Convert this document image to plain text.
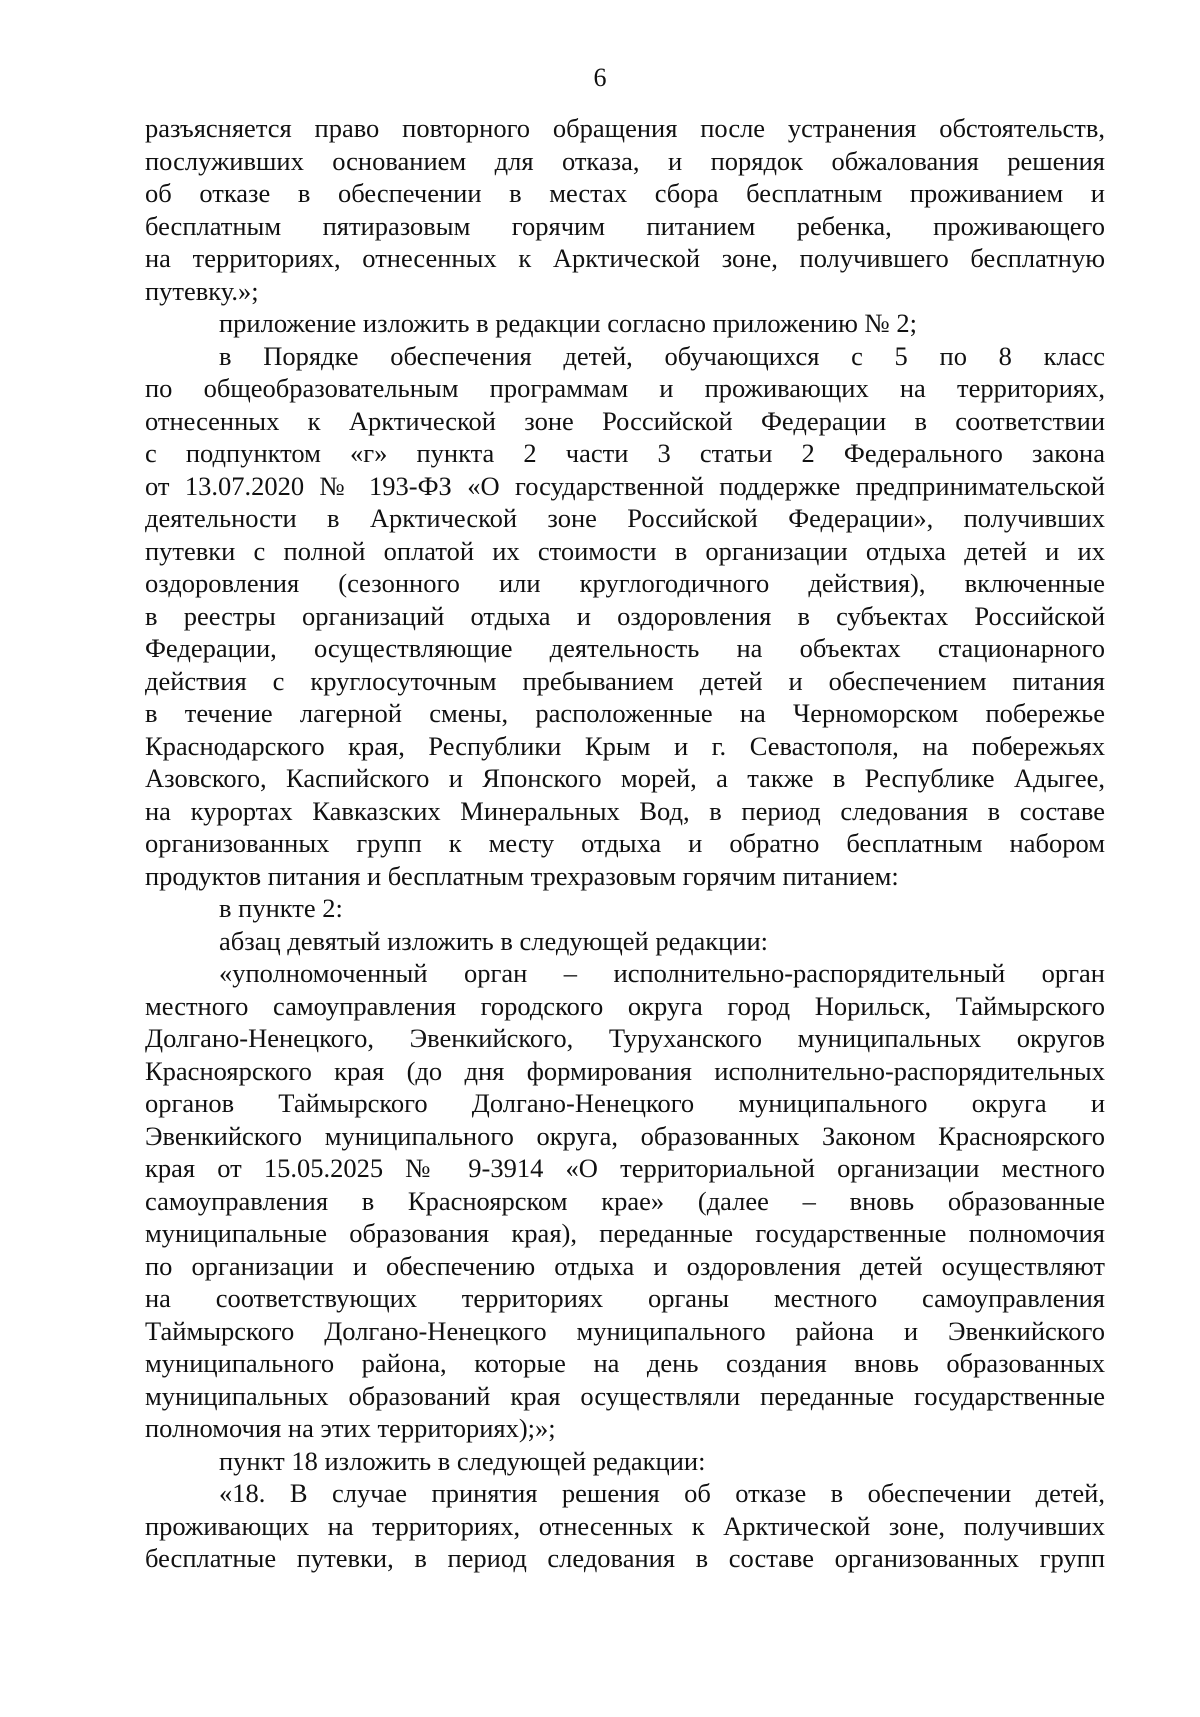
6

разъясняется право повторного обращения после устранения обстоятельств,

послуживших основанием для отказа, и порядок обжалования решения

об отказе в обеспечении в местах сбора бесплатным проживанием и

бесплатным пятиразовым горячим питанием ребенка, проживающего

на территориях, отнесенных к Арктической зоне, получившего бесплатную

путевку.»;

приложение изложить в редакции согласно приложению № 2;

в Порядке обеспечения детей, обучающихся с 5 по 8 класс

по общеобразовательным программам и проживающих на территориях,

отнесенных к Арктической зоне Российской Федерации в соответствии

с подпунктом «г» пункта 2 части 3 статьи 2 Федерального закона

от 13.07.2020 № 193-ФЗ «О государственной поддержке предпринимательской

деятельности в Арктической зоне Российской Федерации», получивших

путевки с полной оплатой их стоимости в организации отдыха детей и их

оздоровления (сезонного или круглогодичного действия), включенные

в реестры организаций отдыха и оздоровления в субъектах Российской

Федерации, осуществляющие деятельность на объектах стационарного

действия с круглосуточным пребыванием детей и обеспечением питания

в течение лагерной смены, расположенные на Черноморском побережье

Краснодарского края, Республики Крым и г. Севастополя, на побережьях

Азовского, Каспийского и Японского морей, а также в Республике Адыгее,

на курортах Кавказских Минеральных Вод, в период следования в составе

организованных групп к месту отдыха и обратно бесплатным набором

продуктов питания и бесплатным трехразовым горячим питанием:

в пункте 2:

абзац девятый изложить в следующей редакции:

«уполномоченный орган – исполнительно-распорядительный орган

местного самоуправления городского округа город Норильск, Таймырского

Долгано-Ненецкого, Эвенкийского, Туруханского муниципальных округов

Красноярского края (до дня формирования исполнительно-распорядительных

органов Таймырского Долгано-Ненецкого муниципального округа и

Эвенкийского муниципального округа, образованных Законом Красноярского

края от 15.05.2025 № 9-3914 «О территориальной организации местного

самоуправления в Красноярском крае» (далее – вновь образованные

муниципальные образования края), переданные государственные полномочия

по организации и обеспечению отдыха и оздоровления детей осуществляют

на соответствующих территориях органы местного самоуправления

Таймырского Долгано-Ненецкого муниципального района и Эвенкийского

муниципального района, которые на день создания вновь образованных

муниципальных образований края осуществляли переданные государственные

полномочия на этих территориях);»;

пункт 18 изложить в следующей редакции:

«18. В случае принятия решения об отказе в обеспечении детей,

проживающих на территориях, отнесенных к Арктической зоне, получивших

бесплатные путевки, в период следования в составе организованных групп
